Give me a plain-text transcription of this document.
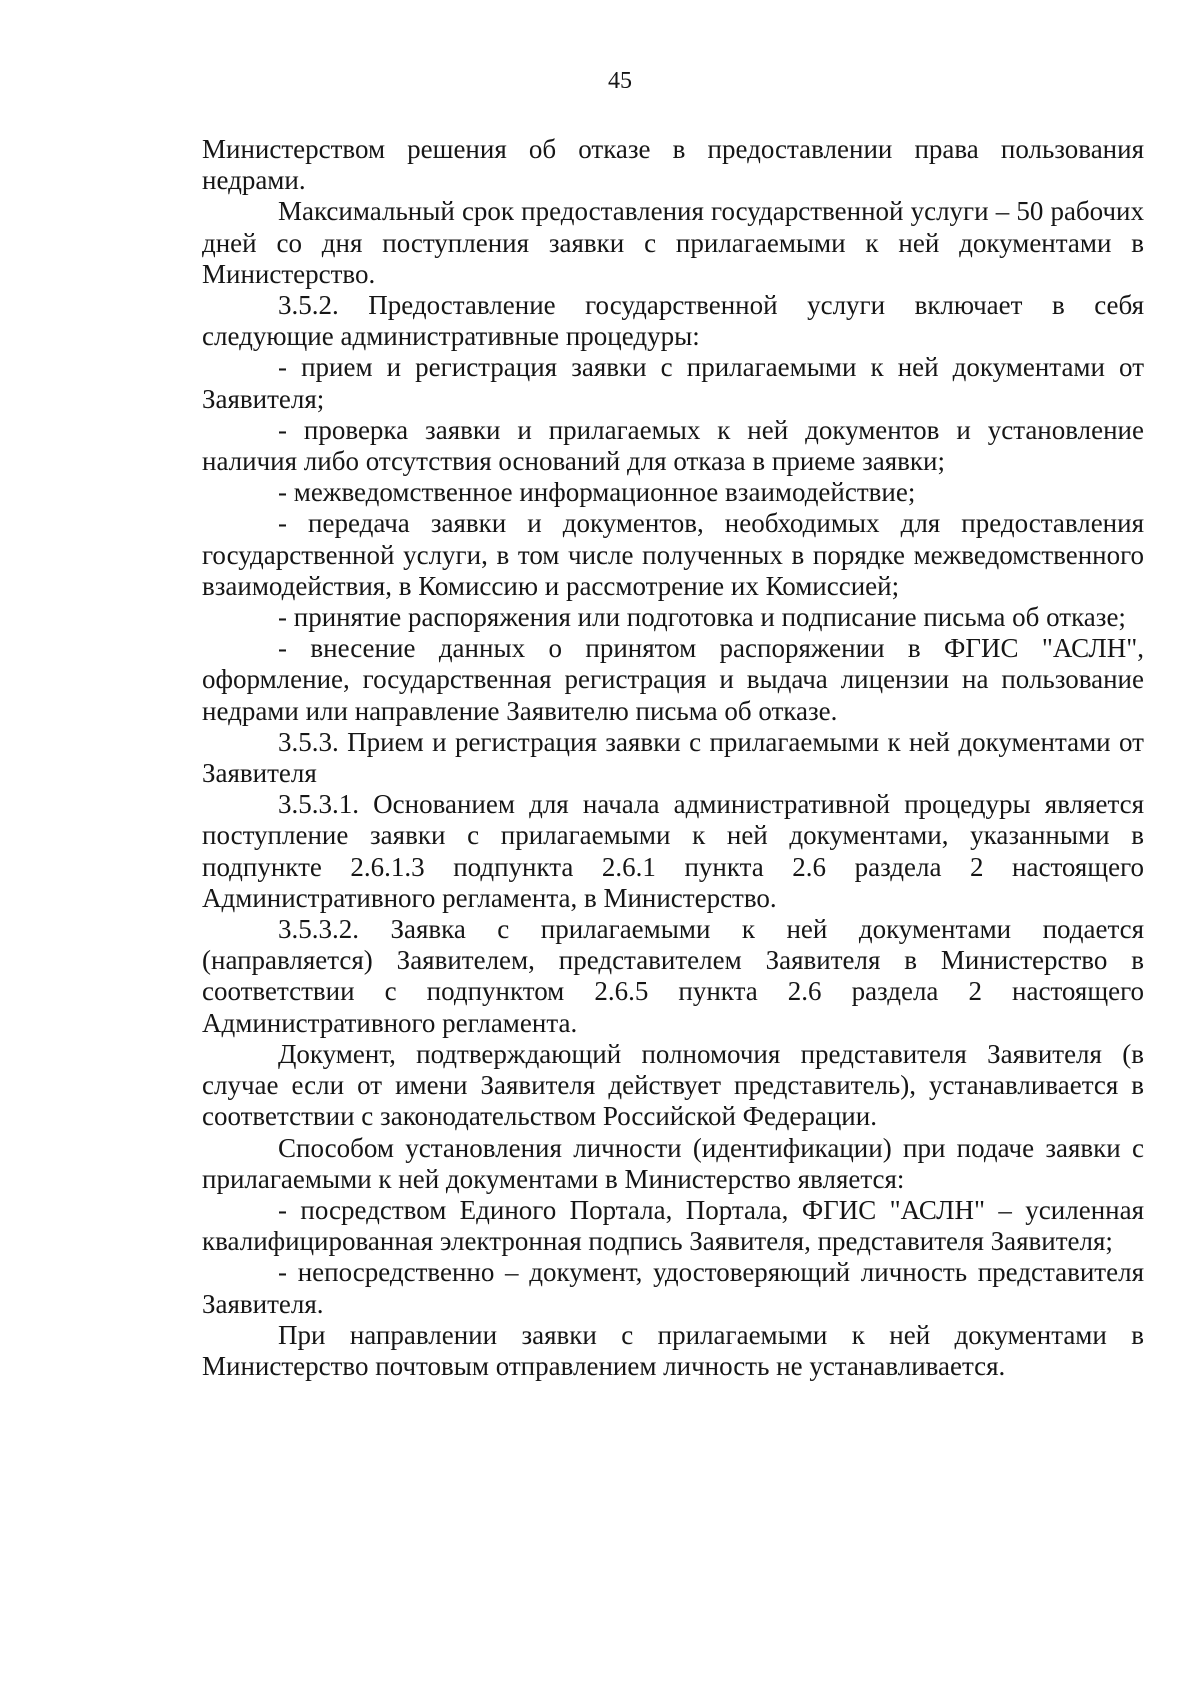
45

Министерством решения об отказе в предоставлении права пользования недрами.

Максимальный срок предоставления государственной услуги – 50 рабочих дней со дня поступления заявки с прилагаемыми к ней документами в Министерство.

3.5.2. Предоставление государственной услуги включает в себя следующие административные процедуры:

- прием и регистрация заявки с прилагаемыми к ней документами от Заявителя;

- проверка заявки и прилагаемых к ней документов и установление наличия либо отсутствия оснований для отказа в приеме заявки;

- межведомственное информационное взаимодействие;

- передача заявки и документов, необходимых для предоставления государственной услуги, в том числе полученных в порядке межведомственного взаимодействия, в Комиссию и рассмотрение их Комиссией;

- принятие распоряжения или подготовка и подписание письма об отказе;

- внесение данных о принятом распоряжении в ФГИС "АСЛН", оформление, государственная регистрация и выдача лицензии на пользование недрами или направление Заявителю письма об отказе.

3.5.3. Прием и регистрация заявки с прилагаемыми к ней документами от Заявителя

3.5.3.1. Основанием для начала административной процедуры является поступление заявки с прилагаемыми к ней документами, указанными в подпункте 2.6.1.3 подпункта 2.6.1 пункта 2.6 раздела 2 настоящего Административного регламента, в Министерство.

3.5.3.2. Заявка с прилагаемыми к ней документами подается (направляется) Заявителем, представителем Заявителя в Министерство в соответствии с подпунктом 2.6.5 пункта 2.6 раздела 2 настоящего Административного регламента.

Документ, подтверждающий полномочия представителя Заявителя (в случае если от имени Заявителя действует представитель), устанавливается в соответствии с законодательством Российской Федерации.

Способом установления личности (идентификации) при подаче заявки с прилагаемыми к ней документами в Министерство является:

- посредством Единого Портала, Портала, ФГИС "АСЛН" – усиленная квалифицированная электронная подпись Заявителя, представителя Заявителя;

- непосредственно – документ, удостоверяющий личность представителя Заявителя.

При направлении заявки с прилагаемыми к ней документами в Министерство почтовым отправлением личность не устанавливается.
